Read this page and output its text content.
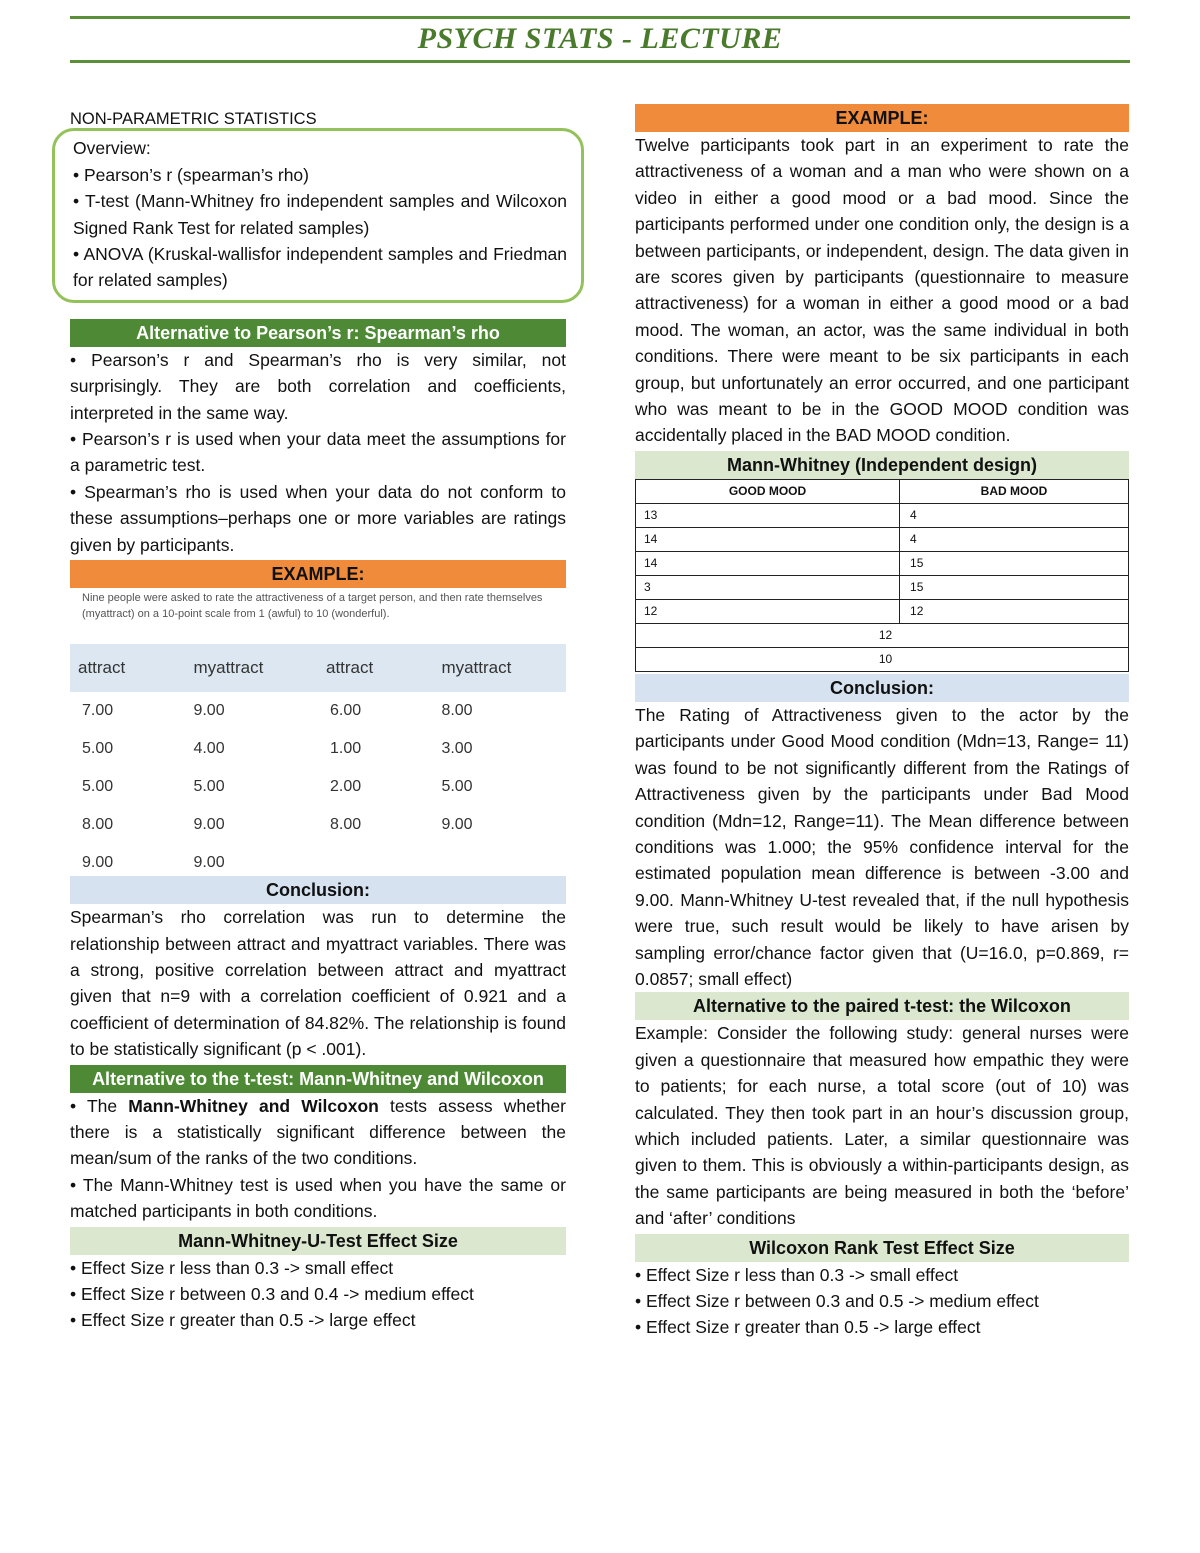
PSYCH STATS - LECTURE

NON-PARAMETRIC STATISTICS

Overview:

• Pearson’s r (spearman’s rho)

• T-test (Mann-Whitney fro independent samples and Wilcoxon Signed Rank Test for related samples)

• ANOVA (Kruskal-wallisfor independent samples and Friedman for related samples)

Alternative to Pearson’s r: Spearman’s rho

• Pearson’s r and Spearman’s rho is very similar, not surprisingly. They are both correlation and coefficients, interpreted in the same way.

• Pearson’s r is used when your data meet the assumptions for a parametric test.

• Spearman’s rho is used when your data do not conform to these assumptions–perhaps one or more variables are ratings given by participants.

EXAMPLE:
Nine people were asked to rate the attractiveness of a target person, and then rate themselves (myattract) on a 10-point scale from 1 (awful) to 10 (wonderful).
attract	myattract	attract	myattract
7.00	9.00	6.00	8.00
5.00	4.00	1.00	3.00
5.00	5.00	2.00	5.00
8.00	9.00	8.00	9.00
9.00	9.00		
Conclusion:

Spearman’s rho correlation was run to determine the relationship between attract and myattract variables. There was a strong, positive correlation between attract and myattract given that n=9 with a correlation coefficient of 0.921 and a coefficient of determination of 84.82%. The relationship is found to be statistically significant (p < .001).

Alternative to the t-test: Mann-Whitney and Wilcoxon

• The Mann-Whitney and Wilcoxon tests assess whether there is a statistically significant difference between the mean/sum of the ranks of the two conditions.

• The Mann-Whitney test is used when you have the same or matched participants in both conditions.

Mann-Whitney-U-Test Effect Size

• Effect Size r less than 0.3 -> small effect

• Effect Size r between 0.3 and 0.4 -> medium effect

• Effect Size r greater than 0.5 -> large effect

EXAMPLE:

Twelve participants took part in an experiment to rate the attractiveness of a woman and a man who were shown on a video in either a good mood or a bad mood. Since the participants performed under one condition only, the design is a between participants, or independent, design. The data given in are scores given by participants (questionnaire to measure attractiveness) for a woman in either a good mood or a bad mood. The woman, an actor, was the same individual in both conditions. There were meant to be six participants in each group, but unfortunately an error occurred, and one participant who was meant to be in the GOOD MOOD condition was accidentally placed in the BAD MOOD condition.

Mann-Whitney (Independent design)
GOOD MOOD	BAD MOOD
13	4
14	4
14	15
3	15
12	12
12	
10	
Conclusion:

The Rating of Attractiveness given to the actor by the participants under Good Mood condition (Mdn=13, Range= 11) was found to be not significantly different from the Ratings of Attractiveness given by the participants under Bad Mood condition (Mdn=12, Range=11). The Mean difference between conditions was 1.000; the 95% confidence interval for the estimated population mean difference is between -3.00 and 9.00. Mann-Whitney U-test revealed that, if the null hypothesis were true, such result would be likely to have arisen by sampling error/chance factor given that (U=16.0, p=0.869, r= 0.0857; small effect)

Alternative to the paired t-test: the Wilcoxon

Example: Consider the following study: general nurses were given a questionnaire that measured how empathic they were to patients; for each nurse, a total score (out of 10) was calculated. They then took part in an hour’s discussion group, which included patients. Later, a similar questionnaire was given to them. This is obviously a within-participants design, as the same participants are being measured in both the ‘before’ and ‘after’ conditions

Wilcoxon Rank Test Effect Size

• Effect Size r less than 0.3 -> small effect

• Effect Size r between 0.3 and 0.5 -> medium effect

• Effect Size r greater than 0.5 -> large effect
